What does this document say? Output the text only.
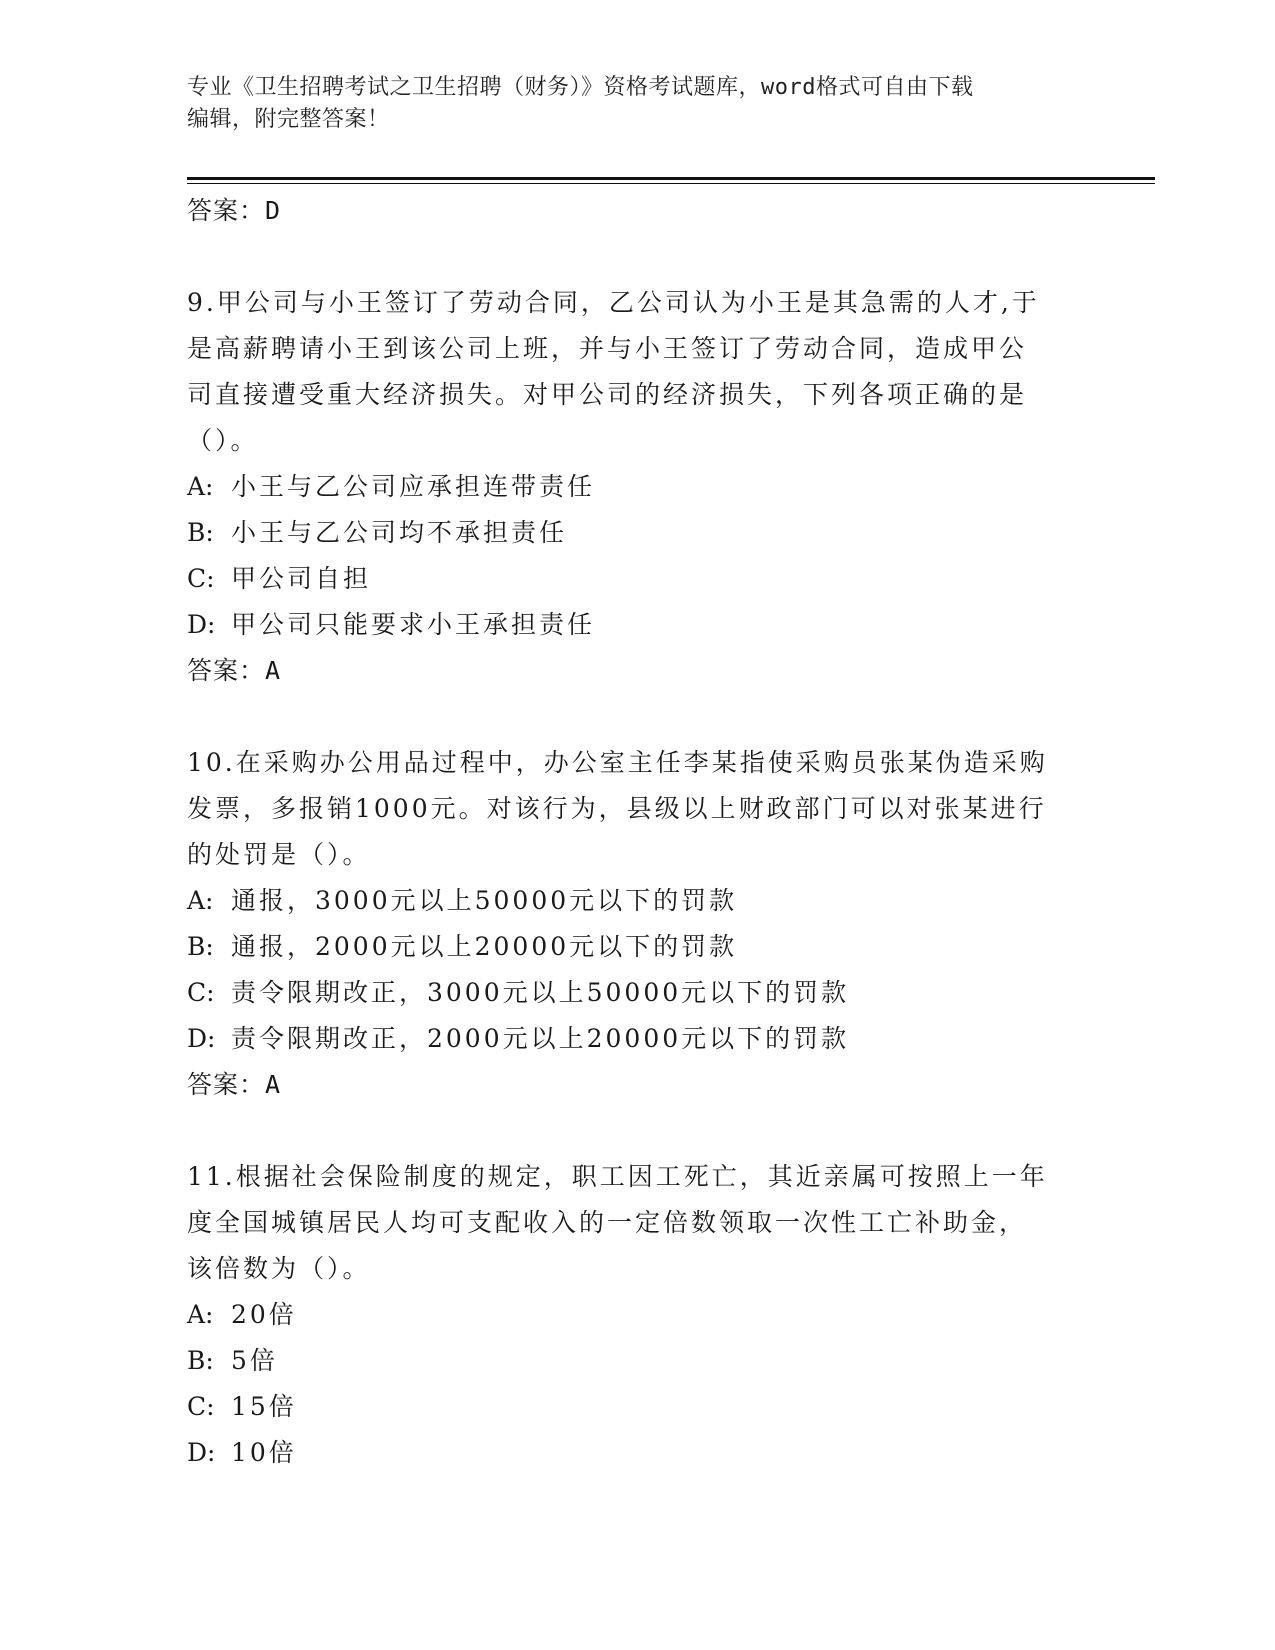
专业《卫生招聘考试之卫生招聘（财务）》资格考试题库，word格式可自由下载
编辑，附完整答案！
答案：D
9.甲公司与小王签订了劳动合同，乙公司认为小王是其急需的人才,于
是高薪聘请小王到该公司上班，并与小王签订了劳动合同，造成甲公
司直接遭受重大经济损失。对甲公司的经济损失，下列各项正确的是
（）。
A: 小王与乙公司应承担连带责任
B: 小王与乙公司均不承担责任
C: 甲公司自担
D: 甲公司只能要求小王承担责任
答案：A
10.在采购办公用品过程中，办公室主任李某指使采购员张某伪造采购
发票，多报销1000元。对该行为，县级以上财政部门可以对张某进行
的处罚是（）。
A: 通报，3000元以上50000元以下的罚款
B: 通报，2000元以上20000元以下的罚款
C: 责令限期改正，3000元以上50000元以下的罚款
D: 责令限期改正，2000元以上20000元以下的罚款
答案：A
11.根据社会保险制度的规定，职工因工死亡，其近亲属可按照上一年
度全国城镇居民人均可支配收入的一定倍数领取一次性工亡补助金，
该倍数为（）。
A: 20倍
B: 5倍
C: 15倍
D: 10倍
